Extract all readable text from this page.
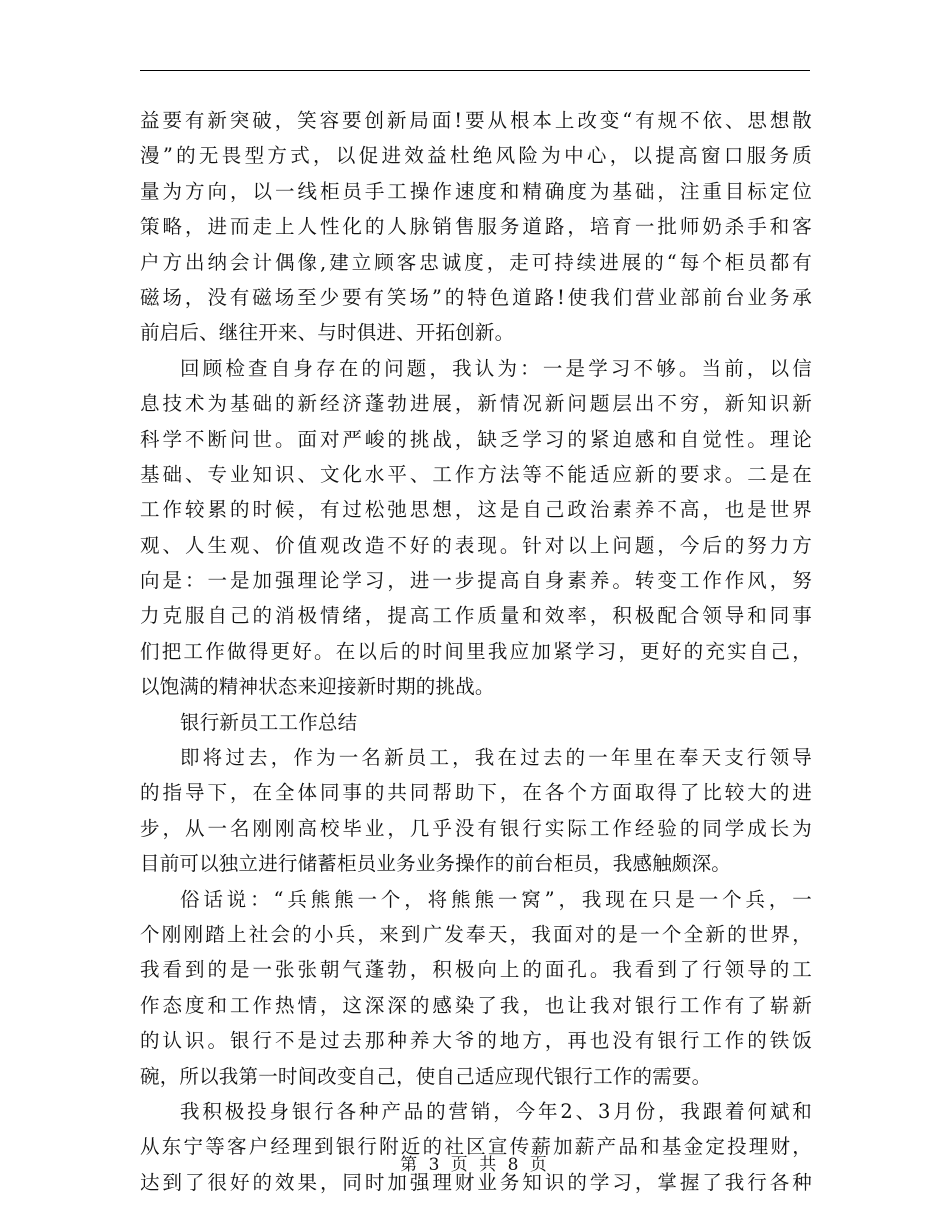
益要有新突破，笑容要创新局面!要从根本上改变“有规不依、思想散
漫”的无畏型方式，以促进效益杜绝风险为中心，以提高窗口服务质
量为方向，以一线柜员手工操作速度和精确度为基础，注重目标定位
策略，进而走上人性化的人脉销售服务道路，培育一批师奶杀手和客
户方出纳会计偶像,建立顾客忠诚度，走可持续进展的“每个柜员都有
磁场，没有磁场至少要有笑场”的特色道路!使我们营业部前台业务承
前启后、继往开来、与时俱进、开拓创新。
回顾检查自身存在的问题，我认为：一是学习不够。当前，以信
息技术为基础的新经济蓬勃进展，新情况新问题层出不穷，新知识新
科学不断问世。面对严峻的挑战，缺乏学习的紧迫感和自觉性。理论
基础、专业知识、文化水平、工作方法等不能适应新的要求。二是在
工作较累的时候，有过松弛思想，这是自己政治素养不高，也是世界
观、人生观、价值观改造不好的表现。针对以上问题，今后的努力方
向是：一是加强理论学习，进一步提高自身素养。转变工作作风，努
力克服自己的消极情绪，提高工作质量和效率，积极配合领导和同事
们把工作做得更好。在以后的时间里我应加紧学习，更好的充实自己，
以饱满的精神状态来迎接新时期的挑战。
银行新员工工作总结
即将过去，作为一名新员工，我在过去的一年里在奉天支行领导
的指导下，在全体同事的共同帮助下，在各个方面取得了比较大的进
步，从一名刚刚高校毕业，几乎没有银行实际工作经验的同学成长为
目前可以独立进行储蓄柜员业务业务操作的前台柜员，我感触颇深。
俗话说：“兵熊熊一个，将熊熊一窝”，我现在只是一个兵，一
个刚刚踏上社会的小兵，来到广发奉天，我面对的是一个全新的世界，
我看到的是一张张朝气蓬勃，积极向上的面孔。我看到了行领导的工
作态度和工作热情，这深深的感染了我，也让我对银行工作有了崭新
的认识。银行不是过去那种养大爷的地方，再也没有银行工作的铁饭
碗，所以我第一时间改变自己，使自己适应现代银行工作的需要。
我积极投身银行各种产品的营销，今年2、3月份，我跟着何斌和
从东宁等客户经理到银行附近的社区宣传薪加薪产品和基金定投理财，
达到了很好的效果，同时加强理财业务知识的学习，掌握了我行各种
第 3 页 共 8 页
